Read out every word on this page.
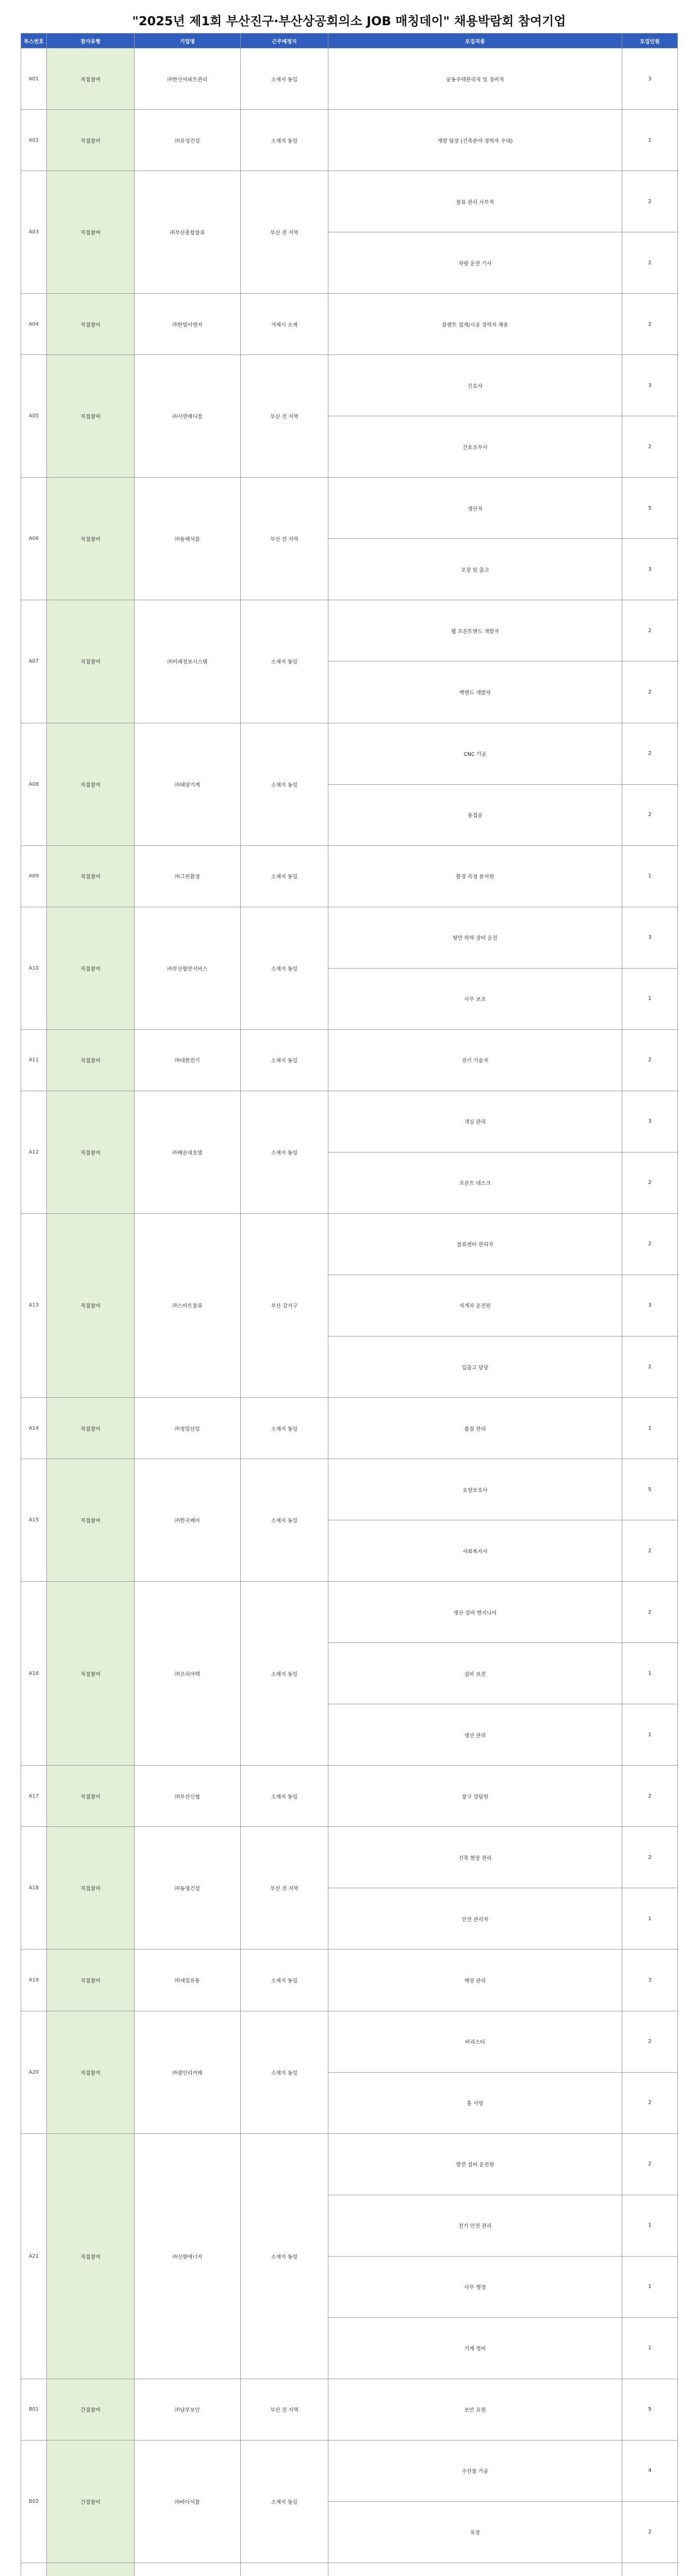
"2025년 제1회 부산진구·부산상공회의소 JOB 매칭데이" 채용박람회 참여기업
부스번호	참가유형	기업명	근무예정지	모집직종	모집인원
A01	직접참여	㈜한신아파트관리	소재지 동일	공동주택관리직 및 경비직	3
A02	직접참여	㈜유성건설	소재지 동일	개발 팀장 (건축분야 경력자 우대)	1
A03	직접참여	㈜부산종합물류	부산 전 지역	물류 관리 사무직	2
				차량 운전 기사	2
A04	직접참여	㈜한빛이엔지	거제시 소재	플랜트 설계/시공 경력자 채용	2
A05	직접참여	㈜서면메디컬	부산 전 지역	간호사	3
				간호조무사	2
A06	직접참여	㈜동해식품	부산 전 지역	생산직	5
				포장 및 출고	3
A07	직접참여	㈜미래정보시스템	소재지 동일	웹 프론트엔드 개발자	2
				백엔드 개발자	2
A08	직접참여	㈜태양기계	소재지 동일	CNC 가공	2
				용접공	2
A09	직접참여	㈜그린환경	소재지 동일	환경 측정 분석원	1
A10	직접참여	㈜부산항만서비스	소재지 동일	항만 하역 장비 운전	3
				사무 보조	1
A11	직접참여	㈜대한전기	소재지 동일	전기 기술자	2
A12	직접참여	㈜해운대호텔	소재지 동일	객실 관리	3
				프론트 데스크	2
A13	직접참여	㈜스마트물류	부산 강서구	물류센터 관리자	2
				지게차 운전원	3
				입출고 담당	2
A14	직접참여	㈜정밀산업	소재지 동일	품질 관리	1
A15	직접참여	㈜한국케어	소재지 동일	요양보호사	5
				사회복지사	2
A16	직접참여	㈜코리아텍	소재지 동일	생산 설비 엔지니어	2
				설비 보전	1
				생산 관리	1
A17	직접참여	㈜부산신협	소재지 동일	창구 상담원	2
A18	직접참여	㈜동명건설	부산 전 지역	건축 현장 관리	2
				안전 관리자	1
A19	직접참여	㈜세일유통	소재지 동일	매장 관리	3
A20	직접참여	㈜광안리카페	소재지 동일	바리스타	2
				홀 서빙	2
A21	직접참여	㈜신항에너지	소재지 동일	발전 설비 운전원	2
				전기 안전 관리	1
				사무 행정	1
				기계 정비	1
B01	간접참여	㈜남부보안	부산 전 지역	보안 요원	5
B02	간접참여	㈜바다식품	소재지 동일	수산물 가공	4
				포장	2
